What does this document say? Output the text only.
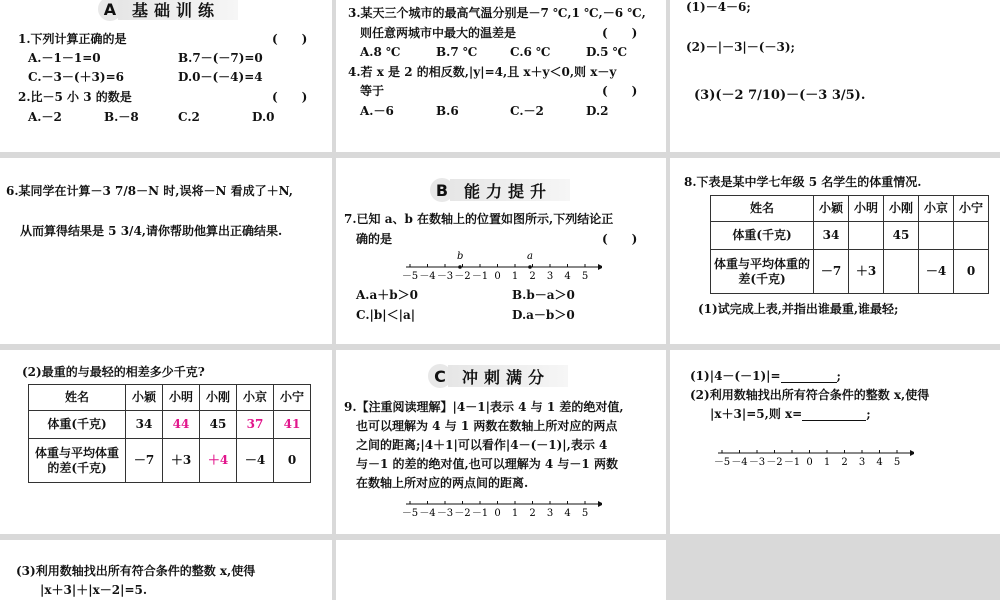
A 基础训练
1.下列计算正确的是	(　　)
A.－1－1=0	B.7－(－7)=0
C.－3－(＋3)=6	D.0－(－4)=4
2.比－5 小 3 的数是	(　　)
A.－2	B.－8	C.2	D.0
3.某天三个城市的最高气温分别是－7 ℃,1 ℃,－6 ℃,
则任意两城市中最大的温差是	(　　)
A.8 ℃	B.7 ℃	C.6 ℃	D.5 ℃
4.若 x 是 2 的相反数,|y|=4,且 x＋y＜0,则 x－y
等于	(　　)
A.－6	B.6	C.－2	D.2
(1)－4－6;
(2)－|－3|－(－3);
(3)(－2 7/10)－(－3 3/5).
6.某同学在计算－3 7/8－N 时,误将－N 看成了＋N,
从而算得结果是 5 3/4,请你帮助他算出正确结果.
B 能力提升
7.已知 a、b 在数轴上的位置如图所示,下列结论正
确的是	(　　)
－5 －4 －3 －2 －1 0 1 2 3 4 5
b	a
A.a＋b＞0	B.b－a＞0
C.|b|＜|a|	D.a－b＞0
8.下表是某中学七年级 5 名学生的体重情况.
姓名	小颖	小明	小刚	小京	小宁
体重(千克)	34		45		
体重与平均体重的差(千克)	－7	＋3		－4	0
(1)试完成上表,并指出谁最重,谁最轻;
(2)最重的与最轻的相差多少千克?
姓名	小颖	小明	小刚	小京	小宁
体重(千克)	34	44	45	37	41
体重与平均体重的差(千克)	－7	＋3	＋4	－4	0
C	冲刺满分
9.【注重阅读理解】|4－1|表示 4 与 1 差的绝对值,
也可以理解为 4 与 1 两数在数轴上所对应的两点
之间的距离;|4＋1|可以看作|4－(－1)|,表示 4
与－1 的差的绝对值,也可以理解为 4 与－1 两数
在数轴上所对应的两点间的距离.
－5 －4 －3 －2 －1 0 1 2 3 4 5
(1)|4－(－1)|=	;
(2)利用数轴找出所有符合条件的整数 x,使得
|x＋3|=5,则 x=	;
－5 －4 －3 －2 －1 0 1 2 3 4 5
(3)利用数轴找出所有符合条件的整数 x,使得
|x＋3|＋|x－2|=5.
